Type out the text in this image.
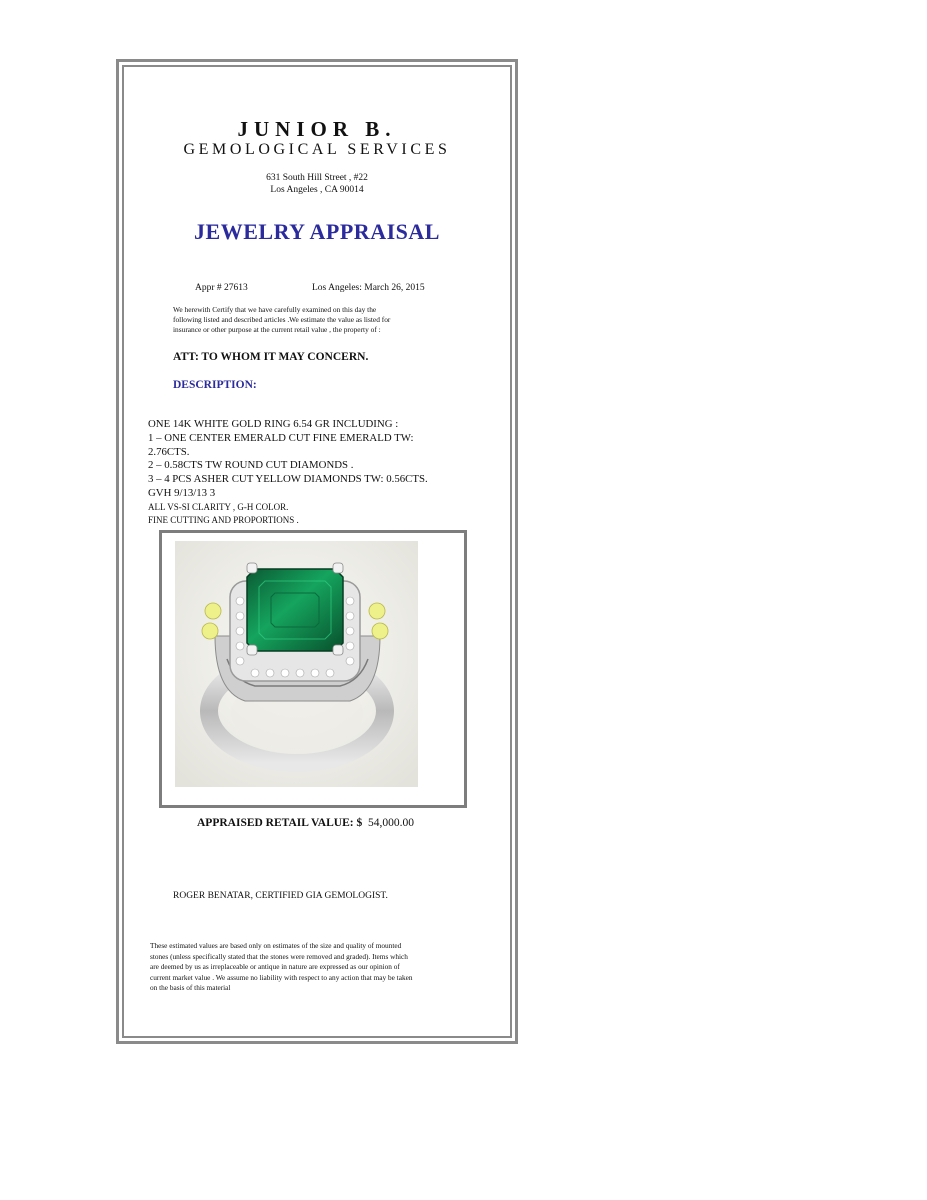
JUNIOR B.
GEMOLOGICAL SERVICES
631 South Hill Street , #22
Los Angeles , CA 90014
JEWELRY APPRAISAL
Appr # 27613	Los Angeles: March 26, 2015
We herewith Certify that we have carefully examined on this day the
following listed and described articles .We estimate the value as listed for
insurance or other purpose at the current retail value , the property of :
ATT: TO WHOM IT MAY CONCERN.
DESCRIPTION:
ONE 14K WHITE GOLD RING 6.54 GR INCLUDING :
1 – ONE CENTER EMERALD CUT FINE EMERALD TW:
2.76CTS.
2 – 0.58CTS TW ROUND CUT DIAMONDS .
3 – 4 PCS ASHER CUT YELLOW DIAMONDS TW: 0.56CTS.
GVH 9/13/13 3
ALL VS-SI CLARITY , G-H COLOR.
FINE CUTTING AND PROPORTIONS .
APPRAISED RETAIL VALUE: $ 54,000.00
ROGER BENATAR, CERTIFIED GIA GEMOLOGIST.
These estimated values are based only on estimates of the size and quality of mounted
stones (unless specifically stated that the stones were removed and graded). Items which
are deemed by us as irreplaceable or antique in nature are expressed as our opinion of
current market value . We assume no liability with respect to any action that may be taken
on the basis of this material
